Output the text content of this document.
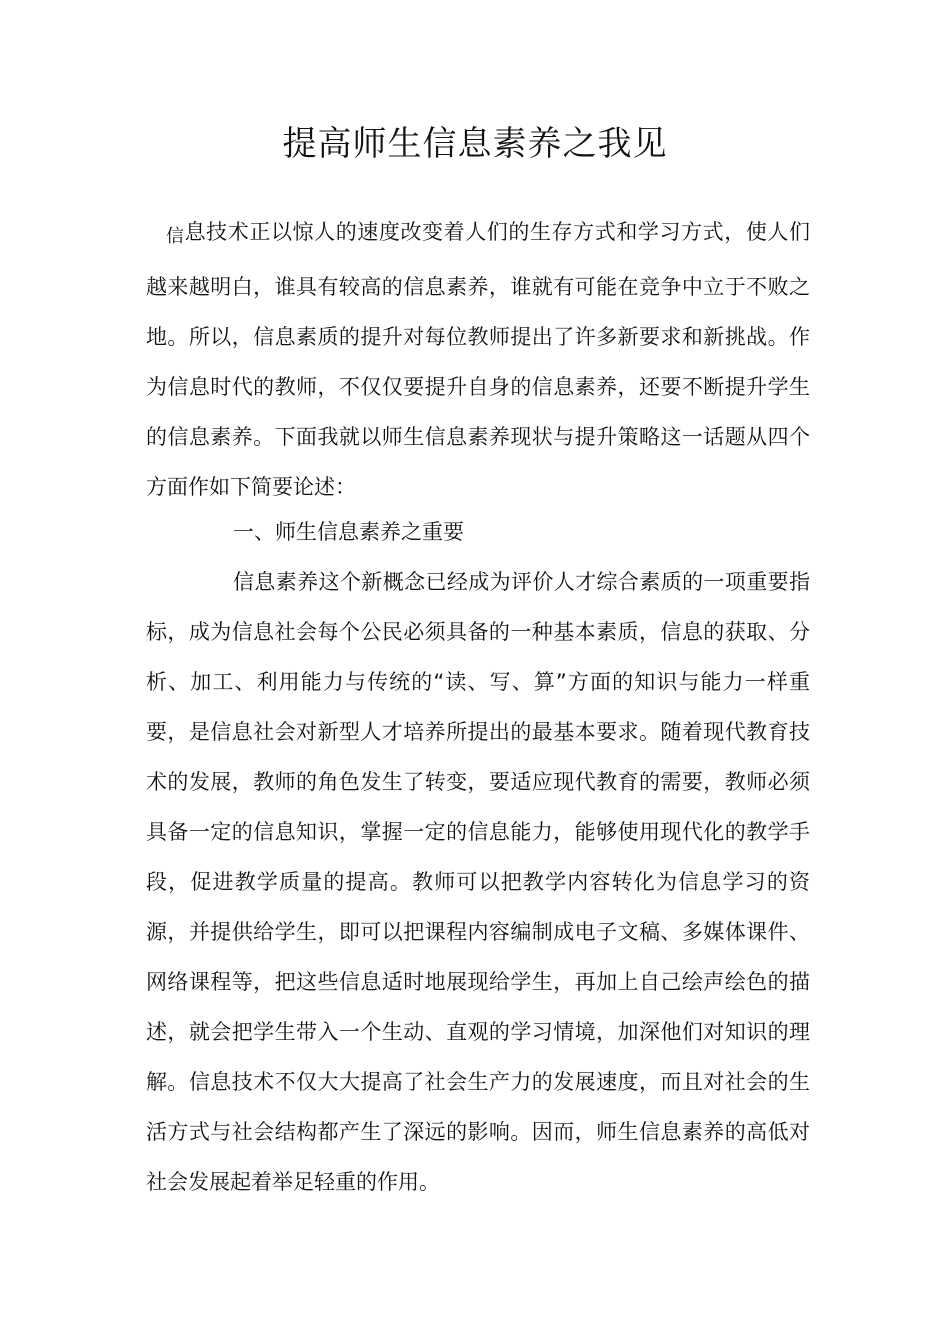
提高师生信息素养之我见

信息技术正以惊人的速度改变着人们的生存方式和学习方式，使人们越来越明白，谁具有较高的信息素养，谁就有可能在竞争中立于不败之地。所以，信息素质的提升对每位教师提出了许多新要求和新挑战。作为信息时代的教师，不仅仅要提升自身的信息素养，还要不断提升学生的信息素养。下面我就以师生信息素养现状与提升策略这一话题从四个方面作如下简要论述：

一、师生信息素养之重要

信息素养这个新概念已经成为评价人才综合素质的一项重要指标，成为信息社会每个公民必须具备的一种基本素质，信息的获取、分析、加工、利用能力与传统的“读、写、算”方面的知识与能力一样重要，是信息社会对新型人才培养所提出的最基本要求。随着现代教育技术的发展，教师的角色发生了转变，要适应现代教育的需要，教师必须具备一定的信息知识，掌握一定的信息能力，能够使用现代化的教学手段，促进教学质量的提高。教师可以把教学内容转化为信息学习的资源，并提供给学生，即可以把课程内容编制成电子文稿、多媒体课件、网络课程等，把这些信息适时地展现给学生，再加上自己绘声绘色的描述，就会把学生带入一个生动、直观的学习情境，加深他们对知识的理解。信息技术不仅大大提高了社会生产力的发展速度，而且对社会的生活方式与社会结构都产生了深远的影响。因而，师生信息素养的高低对社会发展起着举足轻重的作用。
